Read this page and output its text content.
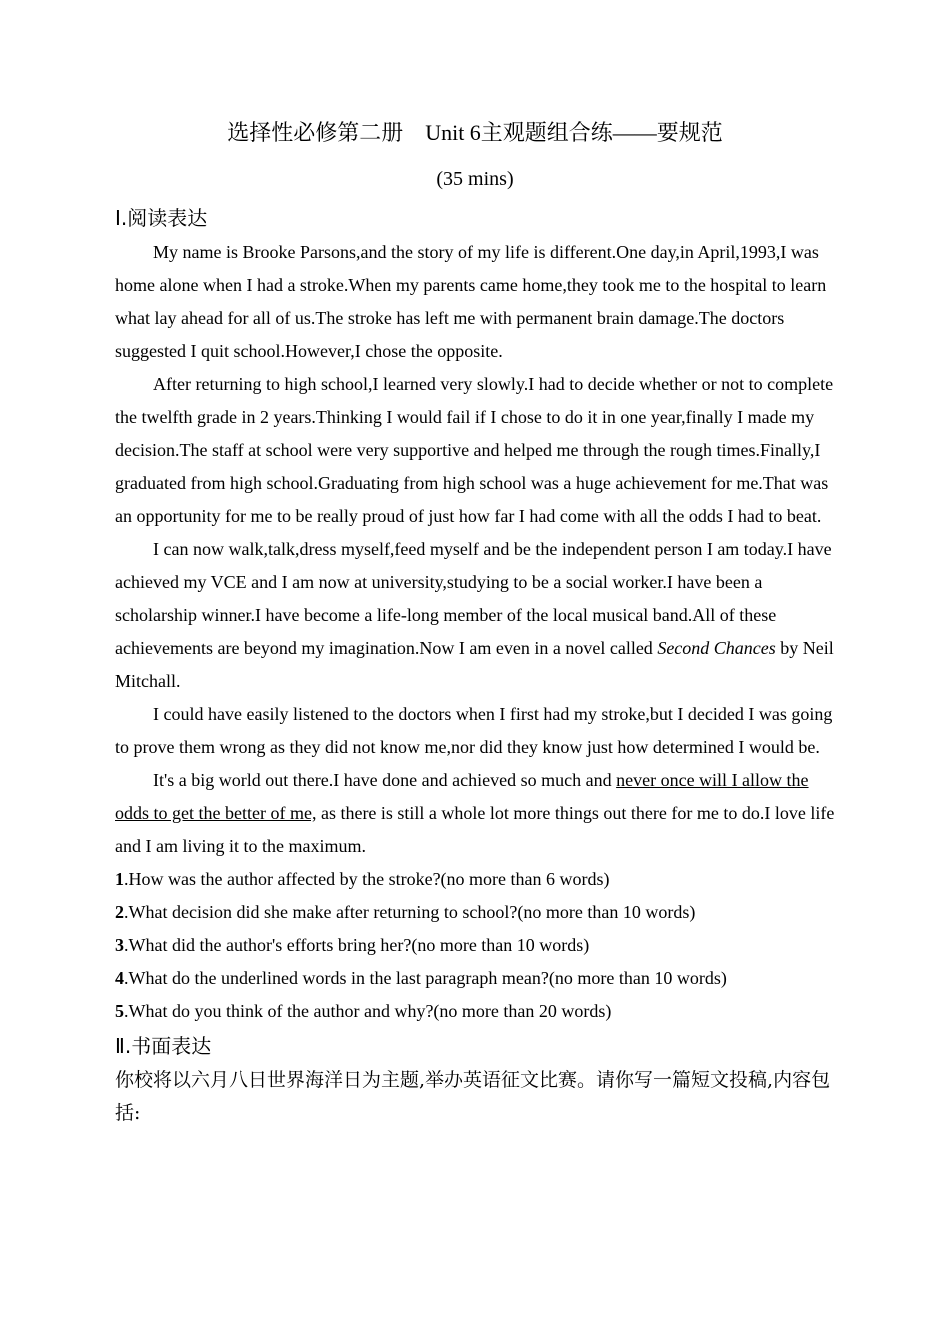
选择性必修第二册　Unit 6主观题组合练——要规范
(35 mins)

Ⅰ.阅读表达

My name is Brooke Parsons,and the story of my life is different.One day,in April,1993,I was home alone when I had a stroke.When my parents came home,they took me to the hospital to learn what lay ahead for all of us.The stroke has left me with permanent brain damage.The doctors suggested I quit school.However,I chose the opposite.

After returning to high school,I learned very slowly.I had to decide whether or not to complete the twelfth grade in 2 years.Thinking I would fail if I chose to do it in one year,finally I made my decision.The staff at school were very supportive and helped me through the rough times.Finally,I graduated from high school.Graduating from high school was a huge achievement for me.That was an opportunity for me to be really proud of just how far I had come with all the odds I had to beat.

I can now walk,talk,dress myself,feed myself and be the independent person I am today.I have achieved my VCE and I am now at university,studying to be a social worker.I have been a scholarship winner.I have become a life-long member of the local musical band.All of these achievements are beyond my imagination.Now I am even in a novel called Second Chances by Neil Mitchall.

I could have easily listened to the doctors when I first had my stroke,but I decided I was going to prove them wrong as they did not know me,nor did they know just how determined I would be.

It's a big world out there.I have done and achieved so much and never once will I allow the odds to get the better of me, as there is still a whole lot more things out there for me to do.I love life and I am living it to the maximum.

1.How was the author affected by the stroke?(no more than 6 words)

2.What decision did she make after returning to school?(no more than 10 words)

3.What did the author's efforts bring her?(no more than 10 words)

4.What do the underlined words in the last paragraph mean?(no more than 10 words)

5.What do you think of the author and why?(no more than 20 words)

Ⅱ.书面表达

你校将以六月八日世界海洋日为主题,举办英语征文比赛。请你写一篇短文投稿,内容包括:
